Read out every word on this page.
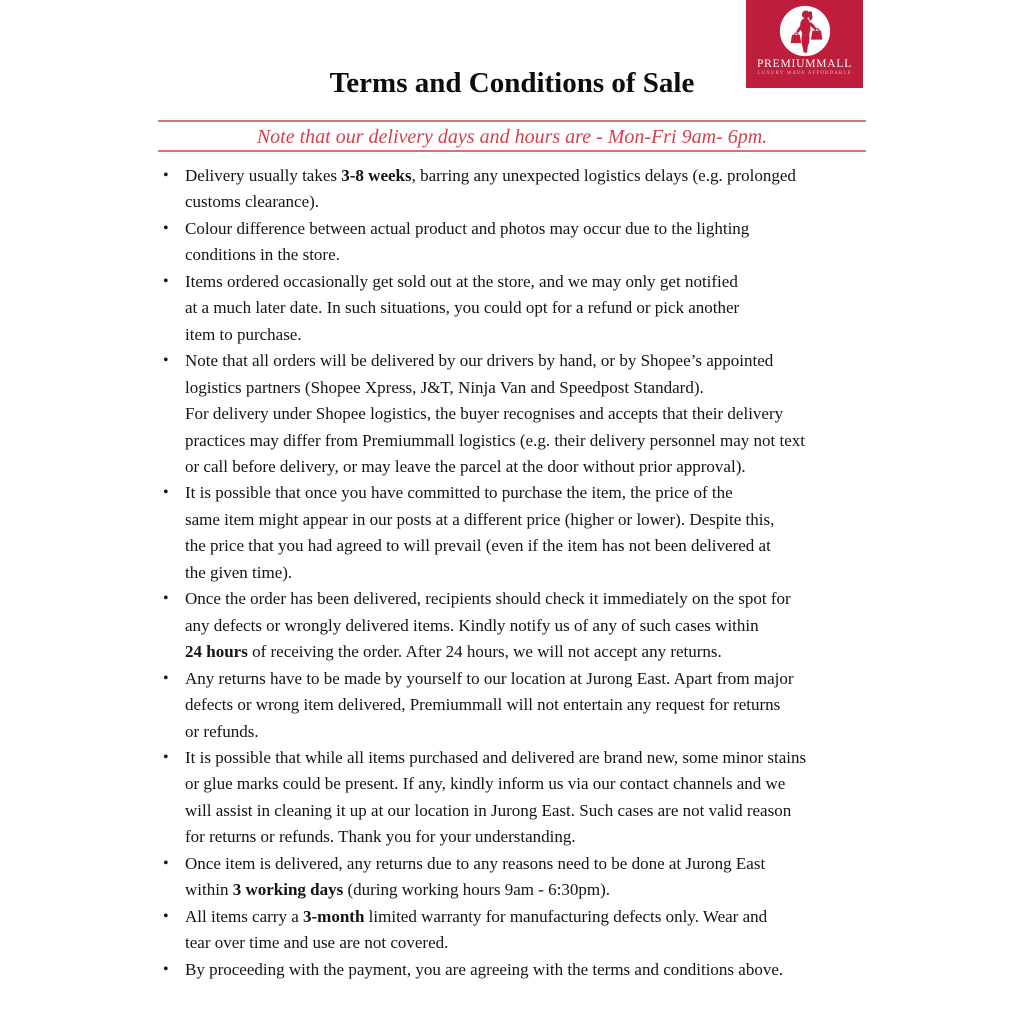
PREMIUMMALL
LUXURY MADE AFFORDABLE
Terms and Conditions of Sale
Note that our delivery days and hours are - Mon-Fri 9am- 6pm.
• Delivery usually takes 3-8 weeks, barring any unexpected logistics delays (e.g. prolonged
customs clearance).
• Colour difference between actual product and photos may occur due to the lighting
conditions in the store.
• Items ordered occasionally get sold out at the store, and we may only get notified
at a much later date. In such situations, you could opt for a refund or pick another
item to purchase.
• Note that all orders will be delivered by our drivers by hand, or by Shopee’s appointed
logistics partners (Shopee Xpress, J&T, Ninja Van and Speedpost Standard).
For delivery under Shopee logistics, the buyer recognises and accepts that their delivery
practices may differ from Premiummall logistics (e.g. their delivery personnel may not text
or call before delivery, or may leave the parcel at the door without prior approval).
• It is possible that once you have committed to purchase the item, the price of the
same item might appear in our posts at a different price (higher or lower). Despite this,
the price that you had agreed to will prevail (even if the item has not been delivered at
the given time).
• Once the order has been delivered, recipients should check it immediately on the spot for
any defects or wrongly delivered items. Kindly notify us of any of such cases within
24 hours of receiving the order. After 24 hours, we will not accept any returns.
• Any returns have to be made by yourself to our location at Jurong East. Apart from major
defects or wrong item delivered, Premiummall will not entertain any request for returns
or refunds.
• It is possible that while all items purchased and delivered are brand new, some minor stains
or glue marks could be present. If any, kindly inform us via our contact channels and we
will assist in cleaning it up at our location in Jurong East. Such cases are not valid reason
for returns or refunds. Thank you for your understanding.
• Once item is delivered, any returns due to any reasons need to be done at Jurong East
within 3 working days (during working hours 9am - 6:30pm).
• All items carry a 3-month limited warranty for manufacturing defects only. Wear and
tear over time and use are not covered.
• By proceeding with the payment, you are agreeing with the terms and conditions above.
